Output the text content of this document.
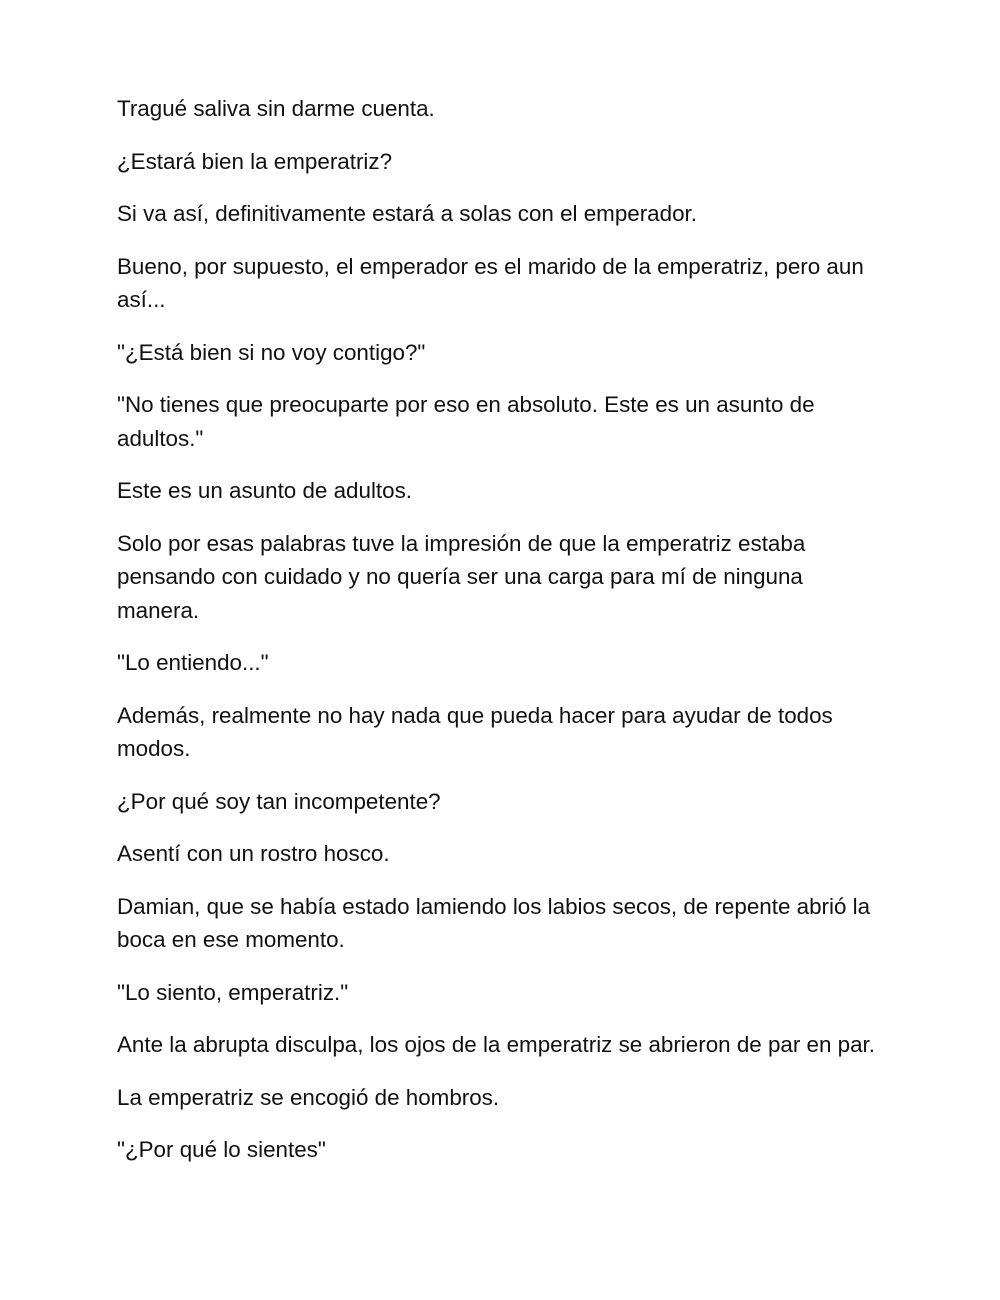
Tragué saliva sin darme cuenta.

¿Estará bien la emperatriz?

Si va así, definitivamente estará a solas con el emperador.

Bueno, por supuesto, el emperador es el marido de la emperatriz, pero aun así...

"¿Está bien si no voy contigo?"

"No tienes que preocuparte por eso en absoluto. Este es un asunto de adultos."

Este es un asunto de adultos.

Solo por esas palabras tuve la impresión de que la emperatriz estaba pensando con cuidado y no quería ser una carga para mí de ninguna manera.

"Lo entiendo..."

Además, realmente no hay nada que pueda hacer para ayudar de todos modos.

¿Por qué soy tan incompetente?

Asentí con un rostro hosco.

Damian, que se había estado lamiendo los labios secos, de repente abrió la boca en ese momento.

"Lo siento, emperatriz."

Ante la abrupta disculpa, los ojos de la emperatriz se abrieron de par en par.

La emperatriz se encogió de hombros.

"¿Por qué lo sientes"
